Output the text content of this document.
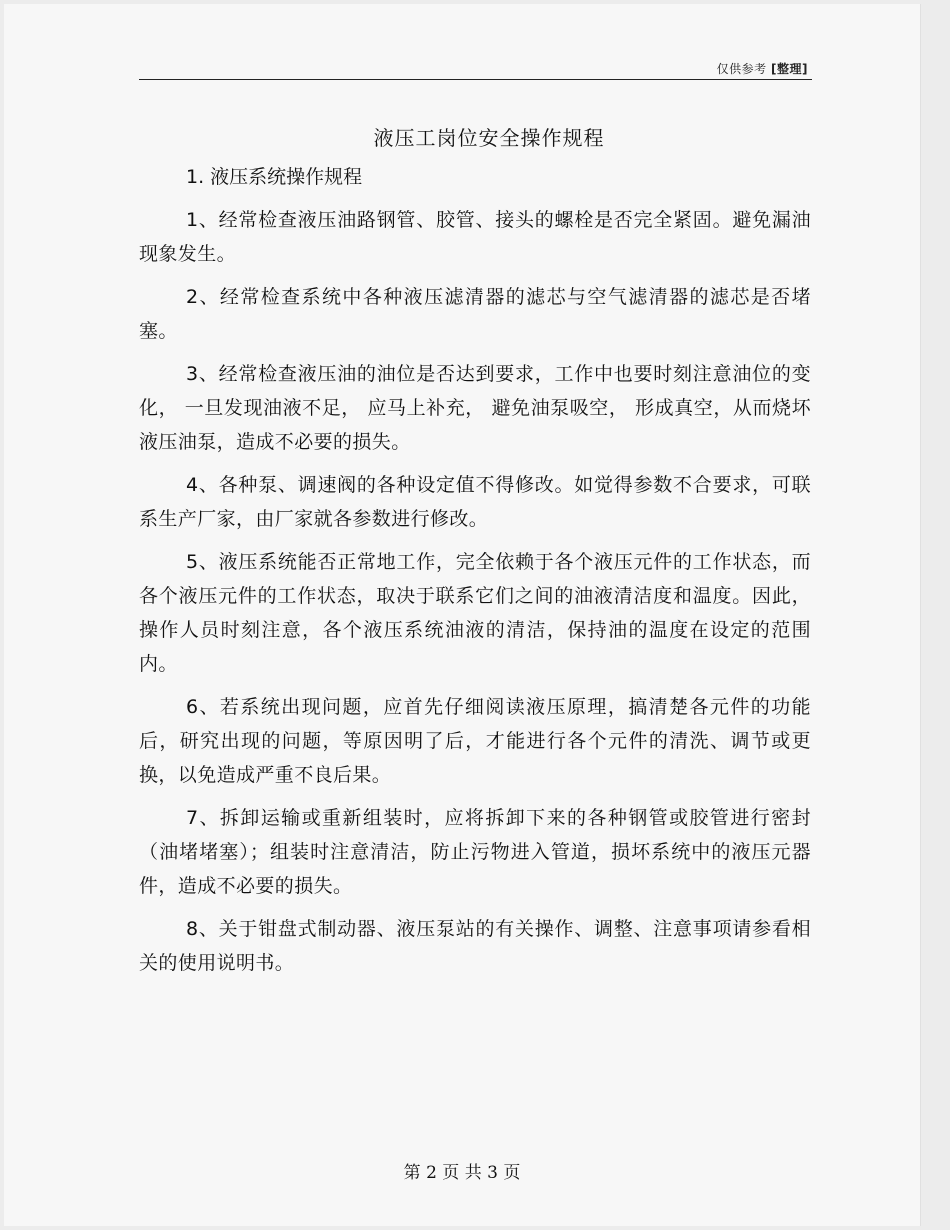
仅供参考 [整理]
液压工岗位安全操作规程

1. 液压系统操作规程

1、经常检查液压油路钢管、胶管、接头的螺栓是否完全紧固。避免漏油现象发生。

2、经常检查系统中各种液压滤清器的滤芯与空气滤清器的滤芯是否堵塞。

3、经常检查液压油的油位是否达到要求，工作中也要时刻注意油位的变化， 一旦发现油液不足， 应马上补充， 避免油泵吸空， 形成真空，从而烧坏液压油泵，造成不必要的损失。

4、各种泵、调速阀的各种设定值不得修改。如觉得参数不合要求，可联系生产厂家，由厂家就各参数进行修改。

5、液压系统能否正常地工作，完全依赖于各个液压元件的工作状态，而各个液压元件的工作状态，取决于联系它们之间的油液清洁度和温度。因此，操作人员时刻注意，各个液压系统油液的清洁，保持油的温度在设定的范围内。

6、若系统出现问题，应首先仔细阅读液压原理，搞清楚各元件的功能后，研究出现的问题，等原因明了后，才能进行各个元件的清洗、调节或更换，以免造成严重不良后果。

7、拆卸运输或重新组装时，应将拆卸下来的各种钢管或胶管进行密封（油堵堵塞）；组装时注意清洁，防止污物进入管道，损坏系统中的液压元器件，造成不必要的损失。

8、关于钳盘式制动器、液压泵站的有关操作、调整、注意事项请参看相关的使用说明书。

第 2 页 共 3 页
